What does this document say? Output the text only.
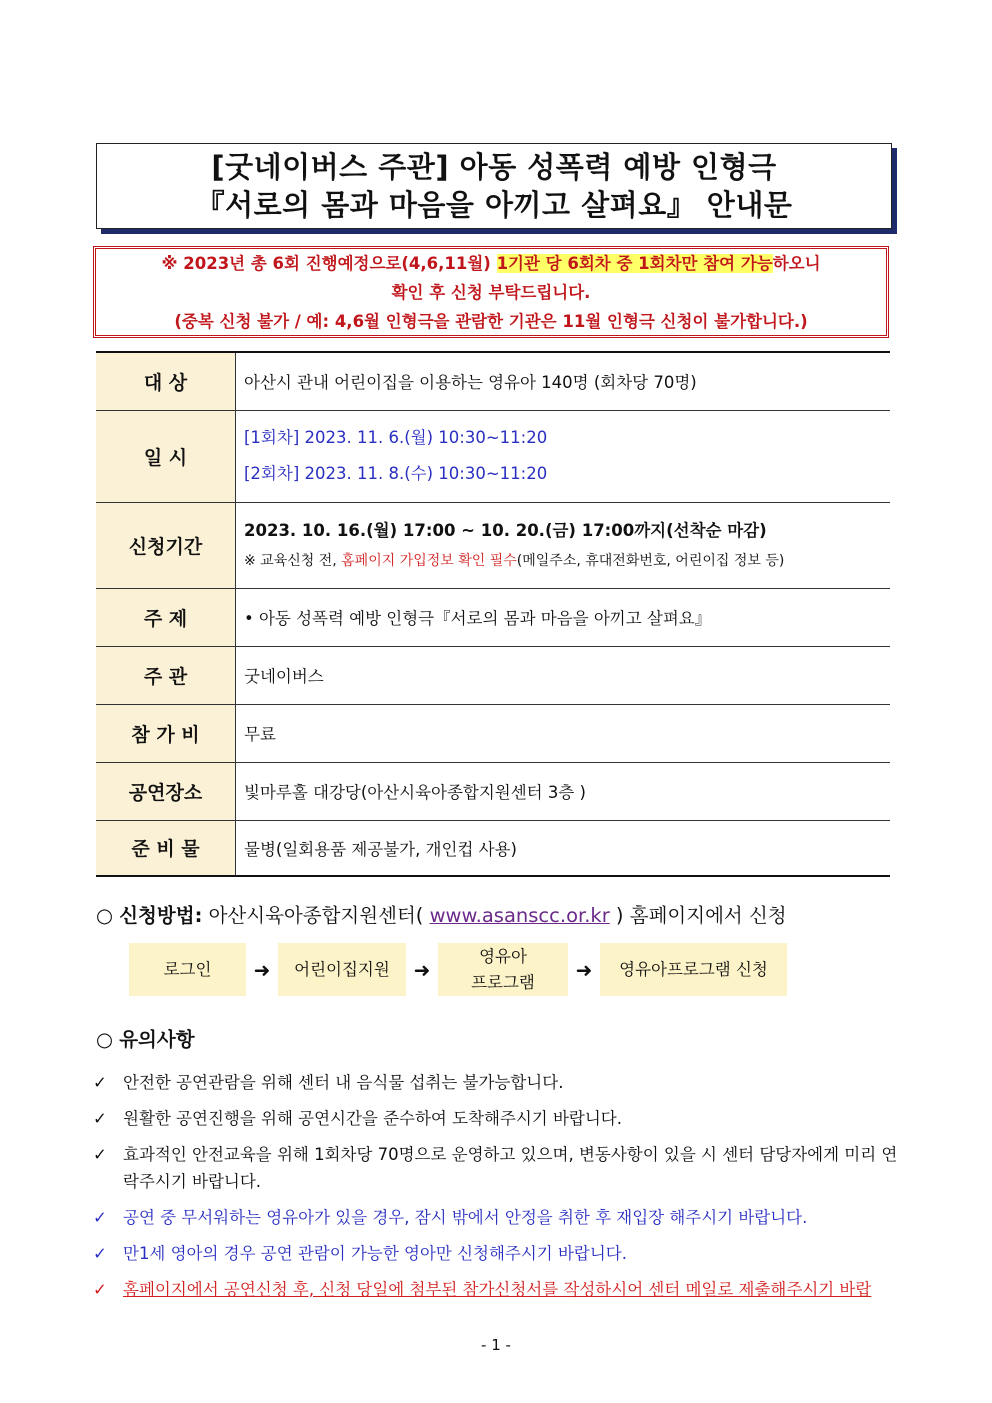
[굿네이버스 주관] 아동 성폭력 예방 인형극
『서로의 몸과 마음을 아끼고 살펴요』 안내문
※ 2023년 총 6회 진행예정으로(4,6,11월) 1기관 당 6회차 중 1회차만 참여 가능하오니
확인 후 신청 부탁드립니다.
(중복 신청 불가 / 예: 4,6월 인형극을 관람한 기관은 11월 인형극 신청이 불가합니다.)
대 상	아산시 관내 어린이집을 이용하는 영유아 140명 (회차당 70명)
일 시	[1회차] 2023. 11. 6.(월) 10:30~11:20
[2회차] 2023. 11. 8.(수) 10:30~11:20

신청기간	2023. 10. 16.(월) 17:00 ~ 10. 20.(금) 17:00까지(선착순 마감)
※ 교육신청 전, 홈페이지 가입정보 확인 필수(메일주소, 휴대전화번호, 어린이집 정보 등)

주 제	• 아동 성폭력 예방 인형극『서로의 몸과 마음을 아끼고 살펴요』
주 관	굿네이버스
참 가 비	무료
공연장소	빛마루홀 대강당(아산시육아종합지원센터 3층 )
준 비 물	물병(일회용품 제공불가, 개인컵 사용)
○ 신청방법: 아산시육아종합지원센터( www.asanscc.or.kr ) 홈페이지에서 신청
로그인	➜	어린이집지원	➜
영유아
프로그램
➜	영유아프로그램 신청
○ 유의사항
✓ 안전한 공연관람을 위해 센터 내 음식물 섭취는 불가능합니다.
✓ 원활한 공연진행을 위해 공연시간을 준수하여 도착해주시기 바랍니다.
✓ 효과적인 안전교육을 위해 1회차당 70명으로 운영하고 있으며, 변동사항이 있을 시 센터 담당자에게 미리 연락주시기 바랍니다.
✓ 공연 중 무서워하는 영유아가 있을 경우, 잠시 밖에서 안정을 취한 후 재입장 해주시기 바랍니다.
✓ 만1세 영아의 경우 공연 관람이 가능한 영아만 신청해주시기 바랍니다.
✓ 홈페이지에서 공연신청 후, 신청 당일에 첨부된 참가신청서를 작성하시어 센터 메일로 제출해주시기 바랍
- 1 -
